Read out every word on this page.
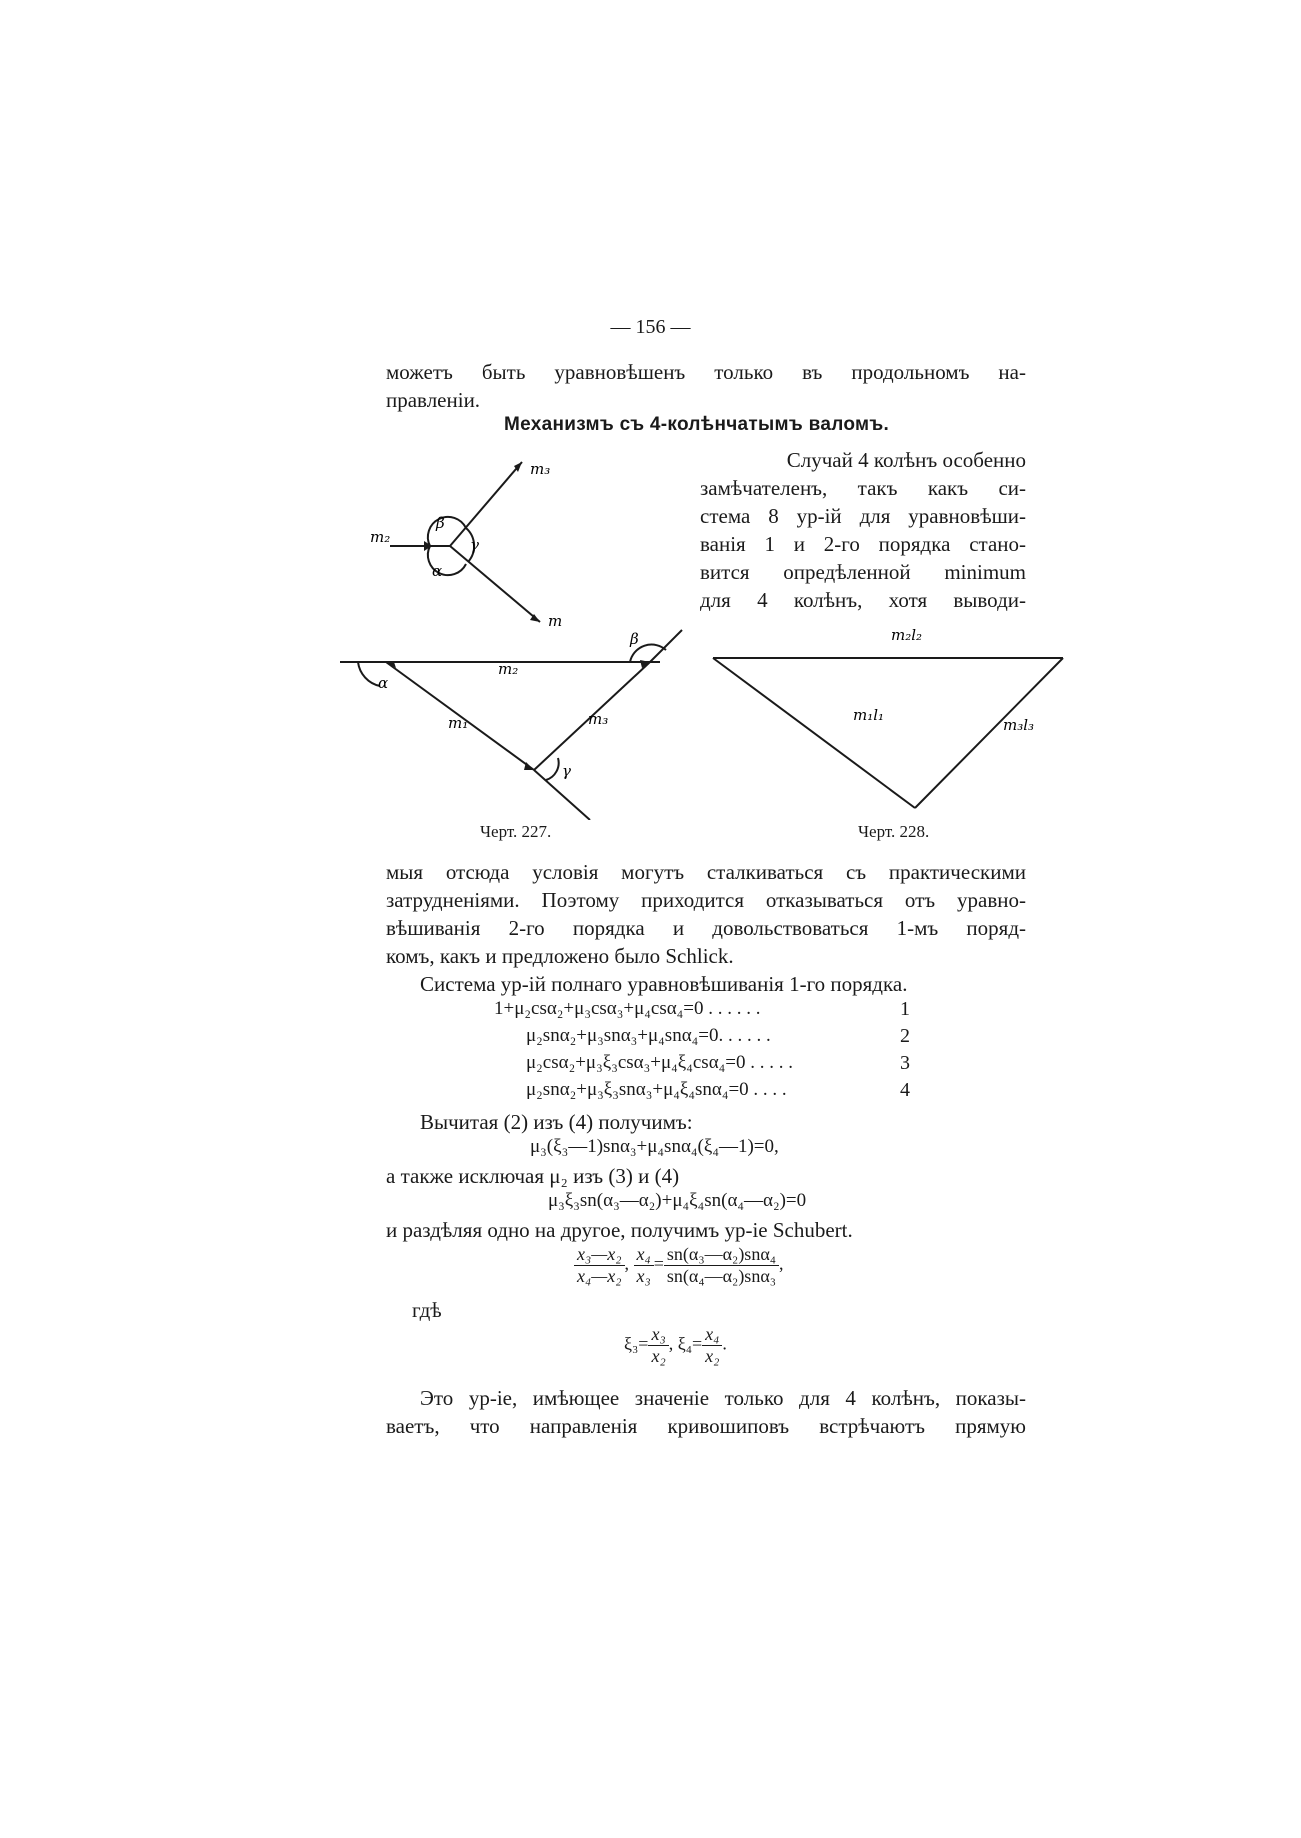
— 156 —
можетъ быть уравновѣшенъ только въ продольномъ на-
правленіи.
Механизмъ съ 4-колѣнчатымъ валомъ.
Случай 4 колѣнъ особенно
замѣчателенъ, такъ какъ си-
стема 8 ур-ій для уравновѣши-
ванія 1 и 2-го порядка стано-
вится опредѣленной minimum
для 4 колѣнъ, хотя выводи-
m₃
m₂
β
γ
α
m
α
m₂
β
m₁	m₃
γ
Черт. 227.
m₂l₂
m₁l₁
m₃l₃
Черт. 228.
мыя отсюда условія могутъ сталкиваться съ практическими
затрудненіями. Поэтому приходится отказываться отъ уравно-
вѣшиванія 2-го порядка и довольствоваться 1-мъ поряд-
комъ, какъ и предложено было Schlick.
Система ур-ій полнаго уравновѣшиванія 1-го порядка.
1+μ₂csα₂+μ₃csα₃+μ₄csα₄=0 . . . . . .	1
μ₂snα₂+μ₃snα₃+μ₄snα₄=0. . . . . .	2
μ₂csα₂+μ₃ξ₃csα₃+μ₄ξ₄csα₄=0 . . . . .	3
μ₂snα₂+μ₃ξ₃snα₃+μ₄ξ₄snα₄=0 . . . .	4
Вычитая (2) изъ (4) получимъ:
μ₃(ξ₃—1)snα₃+μ₄snα₄(ξ₄—1)=0,
а также исключая μ₂ изъ (3) и (4)
μ₃ξ₃sn(α₃—α₂)+μ₄ξ₄sn(α₄—α₂)=0
и раздѣляя одно на другое, получимъ ур-іе Schubert.
$\frac{\text{x₃—x₂}}{\text{x₄—x₂}}$ , $\frac{\text{x₄}}{\text{x₃}} = \frac{\text{sn(α₃—α₂)snα₄}}{\text{sn(α₄—α₂)snα₃}}$ ,
гдѣ
$\xi_3= \frac{\text{x₃}}{\text{x₂}}$ , $\xi_4= \frac{\text{x₄}}{\text{x₂}}$ .
Это ур-іе, имѣющее значеніе только для 4 колѣнъ, показы-
ваетъ, что направленія кривошиповъ встрѣчаютъ прямую
